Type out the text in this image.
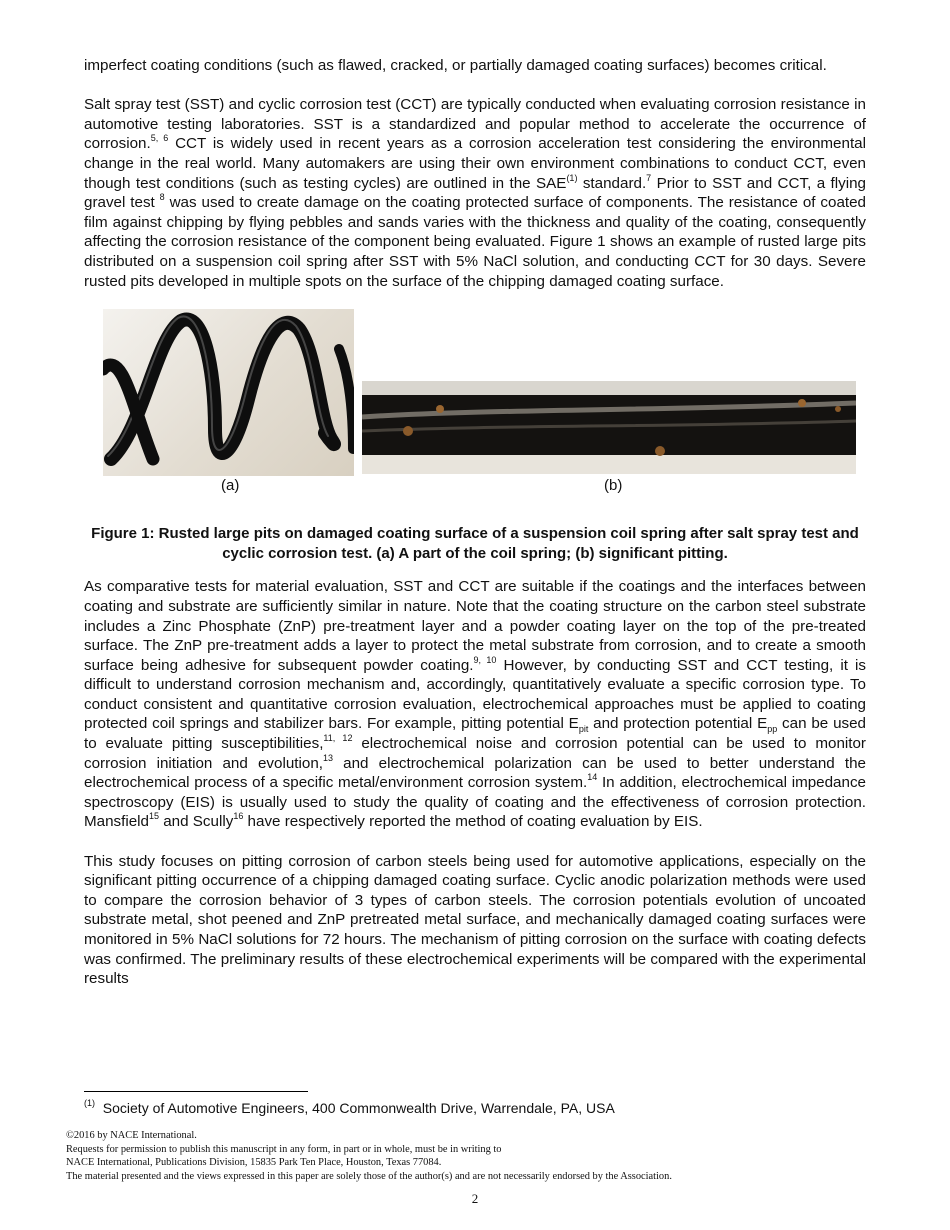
imperfect coating conditions (such as flawed, cracked, or partially damaged coating surfaces) becomes critical.

Salt spray test (SST) and cyclic corrosion test (CCT) are typically conducted when evaluating corrosion resistance in automotive testing laboratories. SST is a standardized and popular method to accelerate the occurrence of corrosion.$^{5, 6}$ CCT is widely used in recent years as a corrosion acceleration test considering the environmental change in the real world. Many automakers are using their own environment combinations to conduct CCT, even though test conditions (such as testing cycles) are outlined in the SAE$^{(1)}$ standard.$^7$ Prior to SST and CCT, a flying gravel test $^8$ was used to create damage on the coating protected surface of components. The resistance of coated film against chipping by flying pebbles and sands varies with the thickness and quality of the coating, consequently affecting the corrosion resistance of the component being evaluated. Figure 1 shows an example of rusted large pits distributed on a suspension coil spring after SST with 5% NaCl solution, and conducting CCT for 30 days. Severe rusted pits developed in multiple spots on the surface of the chipping damaged coating surface.

(a)	(b)

Figure 1: Rusted large pits on damaged coating surface of a suspension coil spring after salt spray test and cyclic corrosion test. (a) A part of the coil spring; (b) significant pitting.

As comparative tests for material evaluation, SST and CCT are suitable if the coatings and the interfaces between coating and substrate are sufficiently similar in nature. Note that the coating structure on the carbon steel substrate includes a Zinc Phosphate (ZnP) pre-treatment layer and a powder coating layer on the top of the pre-treated surface. The ZnP pre-treatment adds a layer to protect the metal substrate from corrosion, and to create a smooth surface being adhesive for subsequent powder coating.$^{9, 10}$ However, by conducting SST and CCT testing, it is difficult to understand corrosion mechanism and, accordingly, quantitatively evaluate a specific corrosion type. To conduct consistent and quantitative corrosion evaluation, electrochemical approaches must be applied to coating protected coil springs and stabilizer bars. For example, pitting potential $E_{pit}$ and protection potential $E_{pp}$ can be used to evaluate pitting susceptibilities,$^{11, 12}$ electrochemical noise and corrosion potential can be used to monitor corrosion initiation and evolution,$^{13}$ and electrochemical polarization can be used to better understand the electrochemical process of a specific metal/environment corrosion system.$^{14}$ In addition, electrochemical impedance spectroscopy (EIS) is usually used to study the quality of coating and the effectiveness of corrosion protection. Mansfield$^{15}$ and Scully$^{16}$ have respectively reported the method of coating evaluation by EIS.

This study focuses on pitting corrosion of carbon steels being used for automotive applications, especially on the significant pitting occurrence of a chipping damaged coating surface. Cyclic anodic polarization methods were used to compare the corrosion behavior of 3 types of carbon steels. The corrosion potentials evolution of uncoated substrate metal, shot peened and ZnP pretreated metal surface, and mechanically damaged coating surfaces were monitored in 5% NaCl solutions for 72 hours. The mechanism of pitting corrosion on the surface with coating defects was confirmed. The preliminary results of these electrochemical experiments will be compared with the experimental results

$^{(1)}$ Society of Automotive Engineers, 400 Commonwealth Drive, Warrendale, PA, USA
©2016 by NACE International.
Requests for permission to publish this manuscript in any form, in part or in whole, must be in writing to
NACE International, Publications Division, 15835 Park Ten Place, Houston, Texas 77084.
The material presented and the views expressed in this paper are solely those of the author(s) and are not necessarily endorsed by the Association.
2
